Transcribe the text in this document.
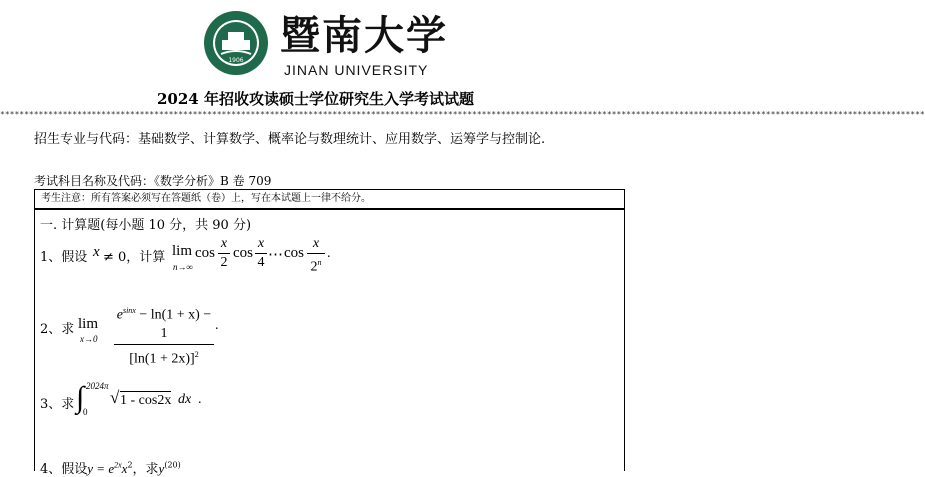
1906
暨南大学
JINAN UNIVERSITY
2024 年招收攻读硕士学位研究生入学考试试题
************************************************************************************************************************************************************************************************
招生专业与代码：基础数学、计算数学、概率论与数理统计、应用数学、运筹学与控制论.
考试科目名称及代码：《数学分析》B 卷 709
考生注意：所有答案必须写在答题纸（卷）上，写在本试题上一律不给分。
一. 计算题(每小题 10 分，共 90 分)
1、假设 x ≠ 0，计算 lim
n→∞
cos
x
2
cos
x
4 ⋯ cos
x
2$^n$
.
2、求 lim
x→0
$e^{sinx} - \ln(1 + x) - 1$
$[\ln(1 + 2x)]^2$
.
3、求 ∫ 2024π
0
√ 1 - cos2x dx .
4、假设$y = e^{2x}x^2$，求$y^{(20)}$
